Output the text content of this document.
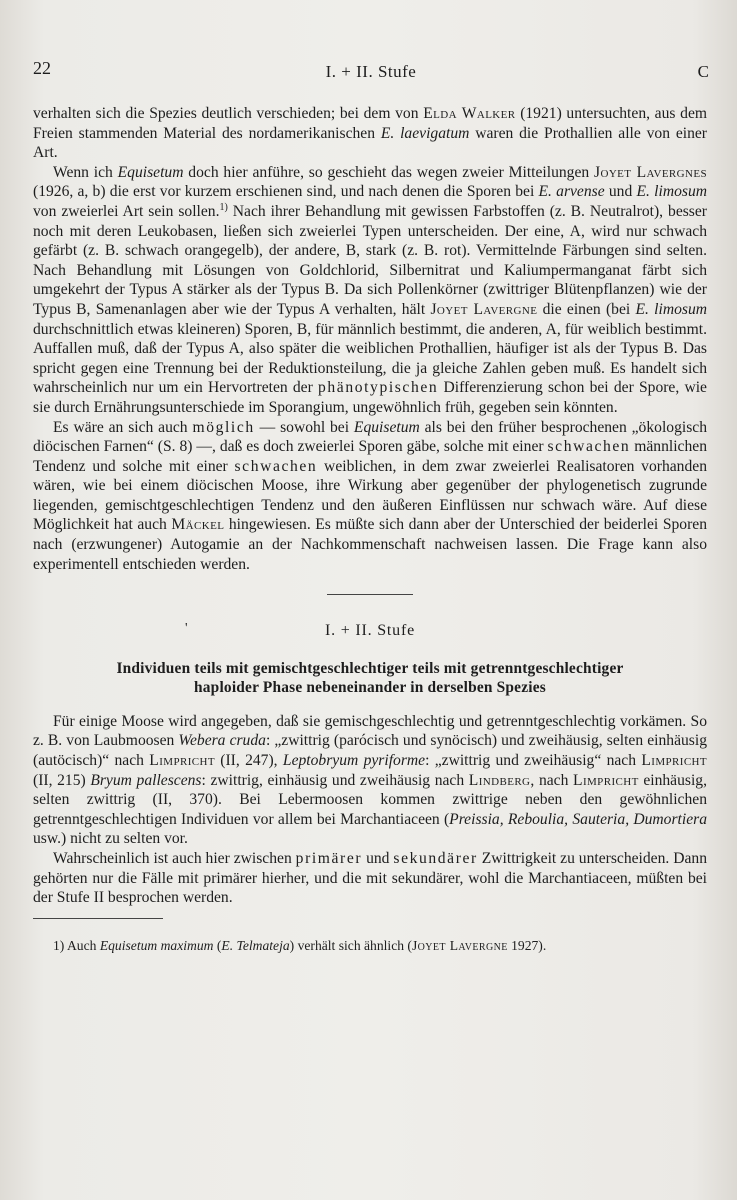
22	I. + II. Stufe	C

verhalten sich die Spezies deutlich verschieden; bei dem von Elda Walker (1921) untersuchten, aus dem Freien stammenden Material des nordamerikanischen E. laevigatum waren die Prothallien alle von einer Art.

Wenn ich Equisetum doch hier anführe, so geschieht das wegen zweier Mitteilungen Joyet Lavergnes (1926, a, b) die erst vor kurzem erschienen sind, und nach denen die Sporen bei E. arvense und E. limosum von zweierlei Art sein sollen.$^{1)}$ Nach ihrer Behandlung mit gewissen Farbstoffen (z. B. Neutralrot), besser noch mit deren Leukobasen, ließen sich zweierlei Typen unterscheiden. Der eine, A, wird nur schwach gefärbt (z. B. schwach orangegelb), der andere, B, stark (z. B. rot). Vermittelnde Färbungen sind selten. Nach Behandlung mit Lösungen von Goldchlorid, Silbernitrat und Kaliumpermanganat färbt sich umgekehrt der Typus A stärker als der Typus B. Da sich Pollenkörner (zwittriger Blütenpflanzen) wie der Typus B, Samenanlagen aber wie der Typus A verhalten, hält Joyet Lavergne die einen (bei E. limosum durchschnittlich etwas kleineren) Sporen, B, für männlich bestimmt, die anderen, A, für weiblich bestimmt. Auffallen muß, daß der Typus A, also später die weiblichen Prothallien, häufiger ist als der Typus B. Das spricht gegen eine Trennung bei der Reduktionsteilung, die ja gleiche Zahlen geben muß. Es handelt sich wahrscheinlich nur um ein Hervortreten der phänotypischen Differenzierung schon bei der Spore, wie sie durch Ernährungsunterschiede im Sporangium, ungewöhnlich früh, gegeben sein könnten.

Es wäre an sich auch möglich — sowohl bei Equisetum als bei den früher besprochenen „ökologisch diöcischen Farnen“ (S. 8) —, daß es doch zweierlei Sporen gäbe, solche mit einer schwachen männlichen Tendenz und solche mit einer schwachen weiblichen, in dem zwar zweierlei Realisatoren vorhanden wären, wie bei einem diöcischen Moose, ihre Wirkung aber gegenüber der phylogenetisch zugrunde liegenden, gemischtgeschlechtigen Tendenz und den äußeren Einflüssen nur schwach wäre. Auf diese Möglichkeit hat auch Mäckel hingewiesen. Es müßte sich dann aber der Unterschied der beiderlei Sporen nach (erzwungener) Autogamie an der Nachkommenschaft nachweisen lassen. Die Frage kann also experimentell entschieden werden.

'	I. + II. Stufe
Individuen teils mit gemischtgeschlechtiger teils mit getrenntgeschlechtiger
haploider Phase nebeneinander in derselben Spezies

Für einige Moose wird angegeben, daß sie gemischgeschlechtig und getrenntgeschlechtig vorkämen. So z. B. von Laubmoosen Webera cruda: „zwittrig (parócisch und synöcisch) und zweihäusig, selten einhäusig (autöcisch)“ nach Limpricht (II, 247), Leptobryum pyriforme: „zwittrig und zweihäusig“ nach Limpricht (II, 215) Bryum pallescens: zwittrig, einhäusig und zweihäusig nach Lindberg, nach Limpricht einhäusig, selten zwittrig (II, 370). Bei Lebermoosen kommen zwittrige neben den gewöhnlichen getrenntgeschlechtigen Individuen vor allem bei Marchantiaceen (Preissia, Reboulia, Sauteria, Dumortiera usw.) nicht zu selten vor.

Wahrscheinlich ist auch hier zwischen primärer und sekundärer Zwittrigkeit zu unterscheiden. Dann gehörten nur die Fälle mit primärer hierher, und die mit sekundärer, wohl die Marchantiaceen, müßten bei der Stufe II besprochen werden.

1) Auch Equisetum maximum (E. Telmateja) verhält sich ähnlich (Joyet Lavergne 1927).
